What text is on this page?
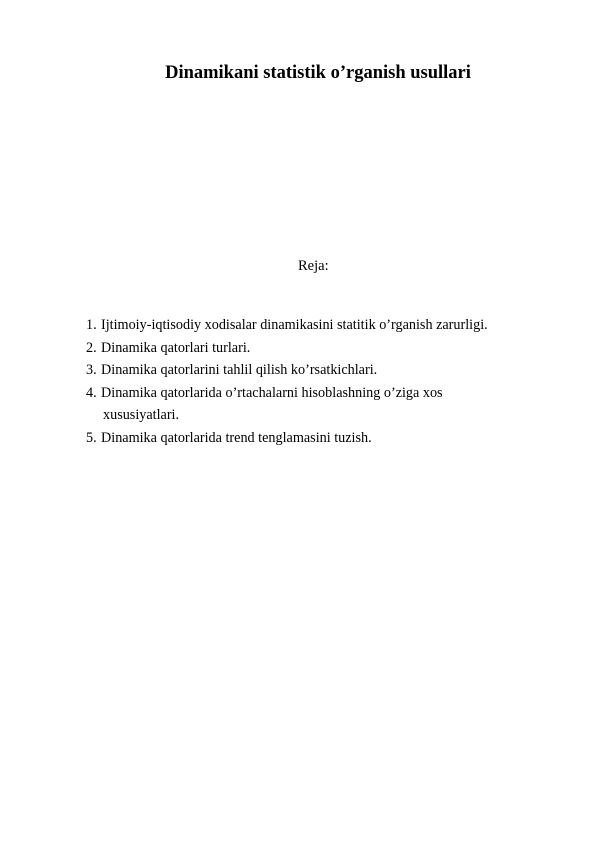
Dinamikani statistik o’rganish usullari
Reja:
1. Ijtimoiy-iqtisodiy xodisalar dinamikasini statitik o’rganish zarurligi.
2. Dinamika qatorlari turlari.
3. Dinamika qatorlarini tahlil qilish ko’rsatkichlari.
4. Dinamika qatorlarida o’rtachalarni hisoblashning o’ziga xos
xususiyatlari.
5. Dinamika qatorlarida trend tenglamasini tuzish.
